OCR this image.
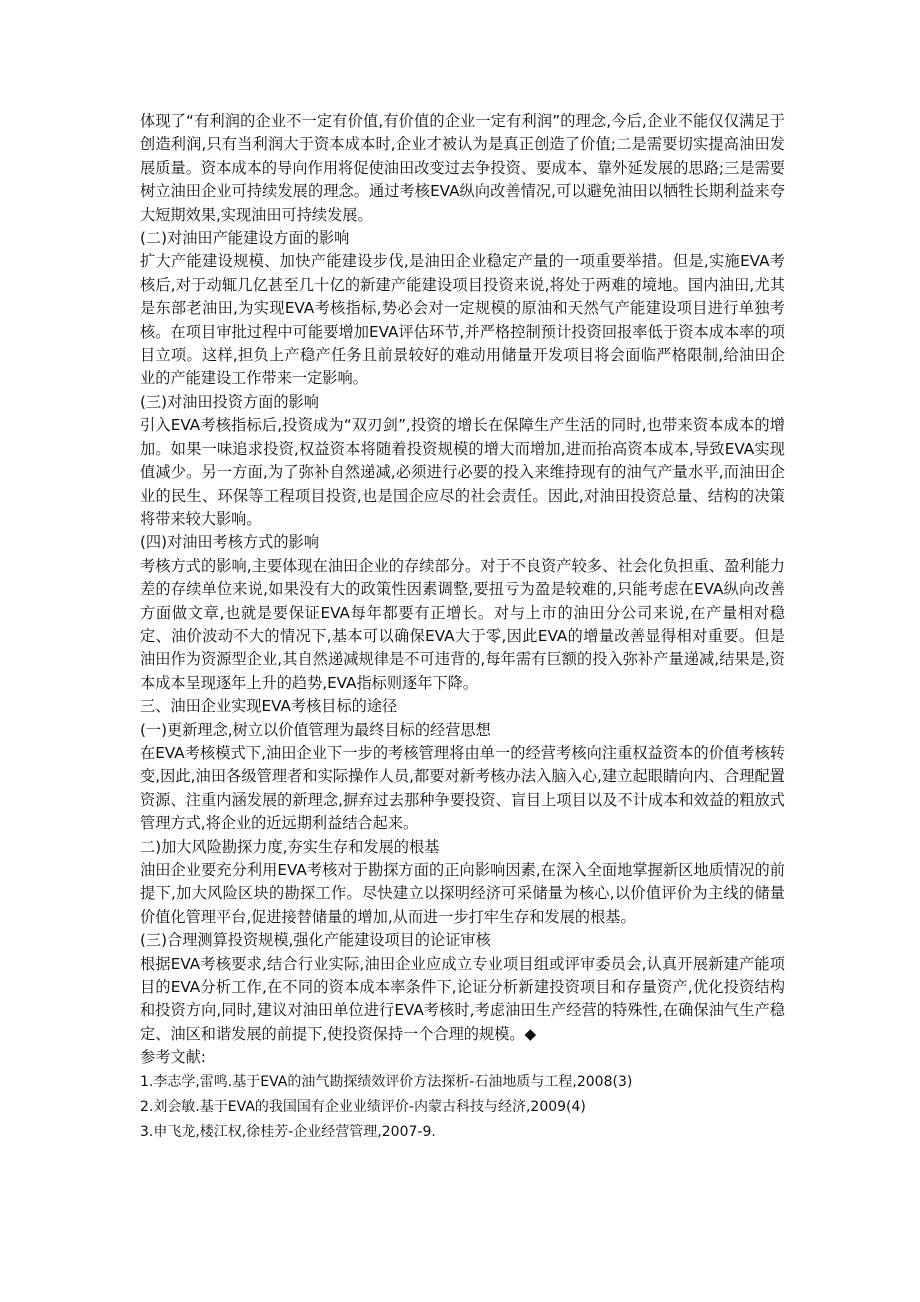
体现了“有利润的企业不一定有价值,有价值的企业一定有利润”的理念,今后,企业不能仅仅满足于创造利润,只有当利润大于资本成本时,企业才被认为是真正创造了价值;二是需要切实提高油田发展质量。资本成本的导向作用将促使油田改变过去争投资、要成本、靠外延发展的思路;三是需要树立油田企业可持续发展的理念。通过考核EVA纵向改善情况,可以避免油田以牺牲长期利益来夸大短期效果,实现油田可持续发展。

(二)对油田产能建设方面的影响

扩大产能建设规模、加快产能建设步伐,是油田企业稳定产量的一项重要举措。但是,实施EVA考核后,对于动辄几亿甚至几十亿的新建产能建设项目投资来说,将处于两难的境地。国内油田,尤其是东部老油田,为实现EVA考核指标,势必会对一定规模的原油和天然气产能建设项目进行单独考核。在项目审批过程中可能要增加EVA评估环节,并严格控制预计投资回报率低于资本成本率的项目立项。这样,担负上产稳产任务且前景较好的难动用储量开发项目将会面临严格限制,给油田企业的产能建设工作带来一定影响。

(三)对油田投资方面的影响

引入EVA考核指标后,投资成为“双刃剑”,投资的增长在保障生产生活的同时,也带来资本成本的增加。如果一味追求投资,权益资本将随着投资规模的增大而增加,进而抬高资本成本,导致EVA实现值减少。另一方面,为了弥补自然递减,必须进行必要的投入来维持现有的油气产量水平,而油田企业的民生、环保等工程项目投资,也是国企应尽的社会责任。因此,对油田投资总量、结构的决策将带来较大影响。

(四)对油田考核方式的影响

考核方式的影响,主要体现在油田企业的存续部分。对于不良资产较多、社会化负担重、盈利能力差的存续单位来说,如果没有大的政策性因素调整,要扭亏为盈是较难的,只能考虑在EVA纵向改善方面做文章,也就是要保证EVA每年都要有正增长。对与上市的油田分公司来说,在产量相对稳定、油价波动不大的情况下,基本可以确保EVA大于零,因此EVA的增量改善显得相对重要。但是油田作为资源型企业,其自然递减规律是不可违背的,每年需有巨额的投入弥补产量递减,结果是,资本成本呈现逐年上升的趋势,EVA指标则逐年下降。

三、油田企业实现EVA考核目标的途径

(一)更新理念,树立以价值管理为最终目标的经营思想

在EVA考核模式下,油田企业下一步的考核管理将由单一的经营考核向注重权益资本的价值考核转变,因此,油田各级管理者和实际操作人员,都要对新考核办法入脑入心,建立起眼睛向内、合理配置资源、注重内涵发展的新理念,摒弃过去那种争要投资、盲目上项目以及不计成本和效益的粗放式管理方式,将企业的近远期利益结合起来。

二)加大风险勘探力度,夯实生存和发展的根基

油田企业要充分利用EVA考核对于勘探方面的正向影响因素,在深入全面地掌握新区地质情况的前提下,加大风险区块的勘探工作。尽快建立以探明经济可采储量为核心,以价值评价为主线的储量价值化管理平台,促进接替储量的增加,从而进一步打牢生存和发展的根基。

(三)合理测算投资规模,强化产能建设项目的论证审核

根据EVA考核要求,结合行业实际,油田企业应成立专业项目组或评审委员会,认真开展新建产能项目的EVA分析工作,在不同的资本成本率条件下,论证分析新建投资项目和存量资产,优化投资结构和投资方向,同时,建议对油田单位进行EVA考核时,考虑油田生产经营的特殊性,在确保油气生产稳定、油区和谐发展的前提下,使投资保持一个合理的规模。◆

参考文献:

1.李志学,雷鸣.基于EVA的油气勘探绩效评价方法探析-石油地质与工程,2008(3)

2.刘会敏.基于EVA的我国国有企业业绩评价-内蒙古科技与经济,2009(4)

3.申飞龙,楼江权,徐桂芳-企业经营管理,2007-9.
